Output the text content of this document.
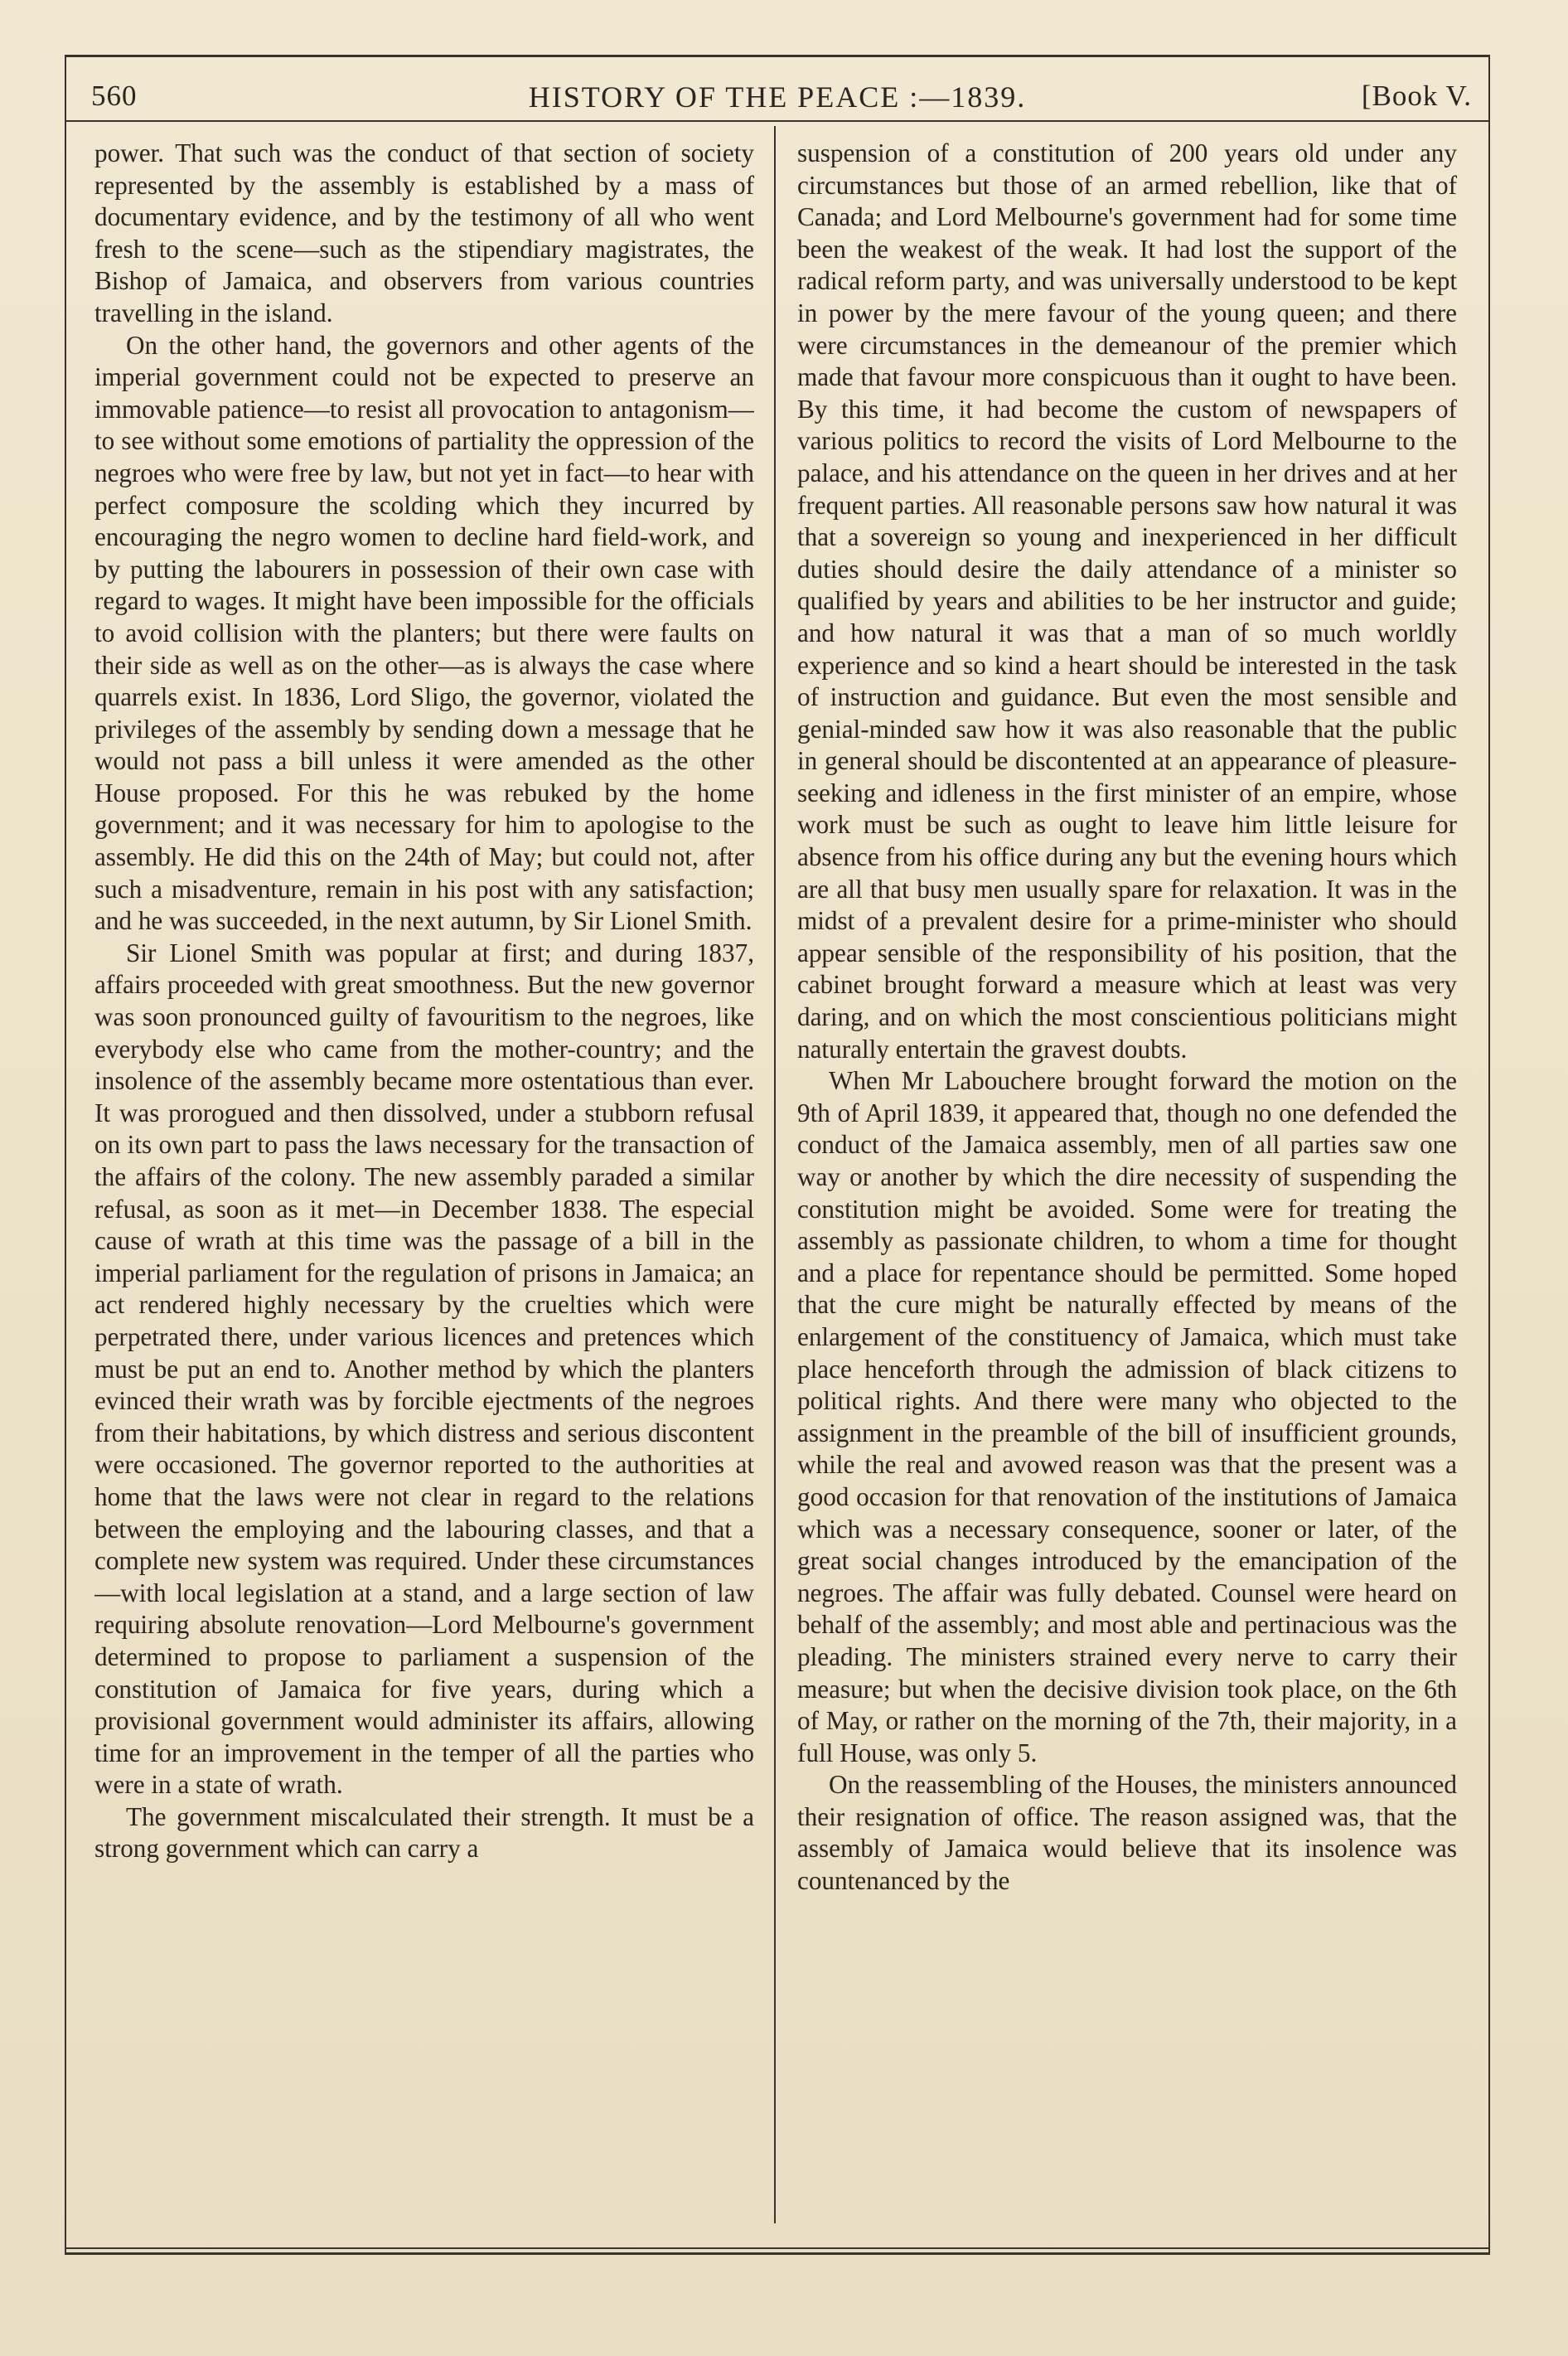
HISTORY OF THE PEACE :—1839.
560	[Book V.

power. That such was the conduct of that section of society represented by the assembly is established by a mass of documentary evidence, and by the testimony of all who went fresh to the scene—such as the stipendiary magistrates, the Bishop of Jamaica, and observers from various countries travelling in the island.

On the other hand, the governors and other agents of the imperial government could not be expected to preserve an immovable patience—to resist all provocation to antagonism—to see without some emotions of partiality the oppression of the negroes who were free by law, but not yet in fact—to hear with perfect composure the scolding which they incurred by encouraging the negro women to decline hard field-work, and by putting the labourers in possession of their own case with regard to wages. It might have been impossible for the officials to avoid collision with the planters; but there were faults on their side as well as on the other—as is always the case where quarrels exist. In 1836, Lord Sligo, the governor, violated the privileges of the assembly by sending down a message that he would not pass a bill unless it were amended as the other House proposed. For this he was rebuked by the home government; and it was necessary for him to apologise to the assembly. He did this on the 24th of May; but could not, after such a misadventure, remain in his post with any satisfaction; and he was succeeded, in the next autumn, by Sir Lionel Smith.

Sir Lionel Smith was popular at first; and during 1837, affairs proceeded with great smoothness. But the new governor was soon pronounced guilty of favouritism to the negroes, like everybody else who came from the mother-country; and the insolence of the assembly became more ostentatious than ever. It was prorogued and then dissolved, under a stubborn refusal on its own part to pass the laws necessary for the transaction of the affairs of the colony. The new assembly paraded a similar refusal, as soon as it met—in December 1838. The especial cause of wrath at this time was the passage of a bill in the imperial parliament for the regulation of prisons in Jamaica; an act rendered highly necessary by the cruelties which were perpetrated there, under various licences and pretences which must be put an end to. Another method by which the planters evinced their wrath was by forcible ejectments of the negroes from their habitations, by which distress and serious discontent were occasioned. The governor reported to the authorities at home that the laws were not clear in regard to the relations between the employing and the labouring classes, and that a complete new system was required. Under these circumstances—with local legislation at a stand, and a large section of law requiring absolute renovation—Lord Melbourne's government determined to propose to parliament a suspension of the constitution of Jamaica for five years, during which a provisional government would administer its affairs, allowing time for an improvement in the temper of all the parties who were in a state of wrath.

The government miscalculated their strength. It must be a strong government which can carry a

suspension of a constitution of 200 years old under any circumstances but those of an armed rebellion, like that of Canada; and Lord Melbourne's government had for some time been the weakest of the weak. It had lost the support of the radical reform party, and was universally understood to be kept in power by the mere favour of the young queen; and there were circumstances in the demeanour of the premier which made that favour more conspicuous than it ought to have been. By this time, it had become the custom of newspapers of various politics to record the visits of Lord Melbourne to the palace, and his attendance on the queen in her drives and at her frequent parties. All reasonable persons saw how natural it was that a sovereign so young and inexperienced in her difficult duties should desire the daily attendance of a minister so qualified by years and abilities to be her instructor and guide; and how natural it was that a man of so much worldly experience and so kind a heart should be interested in the task of instruction and guidance. But even the most sensible and genial-minded saw how it was also reasonable that the public in general should be discontented at an appearance of pleasure-seeking and idleness in the first minister of an empire, whose work must be such as ought to leave him little leisure for absence from his office during any but the evening hours which are all that busy men usually spare for relaxation. It was in the midst of a prevalent desire for a prime-minister who should appear sensible of the responsibility of his position, that the cabinet brought forward a measure which at least was very daring, and on which the most conscientious politicians might naturally entertain the gravest doubts.

When Mr Labouchere brought forward the motion on the 9th of April 1839, it appeared that, though no one defended the conduct of the Jamaica assembly, men of all parties saw one way or another by which the dire necessity of suspending the constitution might be avoided. Some were for treating the assembly as passionate children, to whom a time for thought and a place for repentance should be permitted. Some hoped that the cure might be naturally effected by means of the enlargement of the constituency of Jamaica, which must take place henceforth through the admission of black citizens to political rights. And there were many who objected to the assignment in the preamble of the bill of insufficient grounds, while the real and avowed reason was that the present was a good occasion for that renovation of the institutions of Jamaica which was a necessary consequence, sooner or later, of the great social changes introduced by the emancipation of the negroes. The affair was fully debated. Counsel were heard on behalf of the assembly; and most able and pertinacious was the pleading. The ministers strained every nerve to carry their measure; but when the decisive division took place, on the 6th of May, or rather on the morning of the 7th, their majority, in a full House, was only 5.

On the reassembling of the Houses, the ministers announced their resignation of office. The reason assigned was, that the assembly of Jamaica would believe that its insolence was countenanced by the
